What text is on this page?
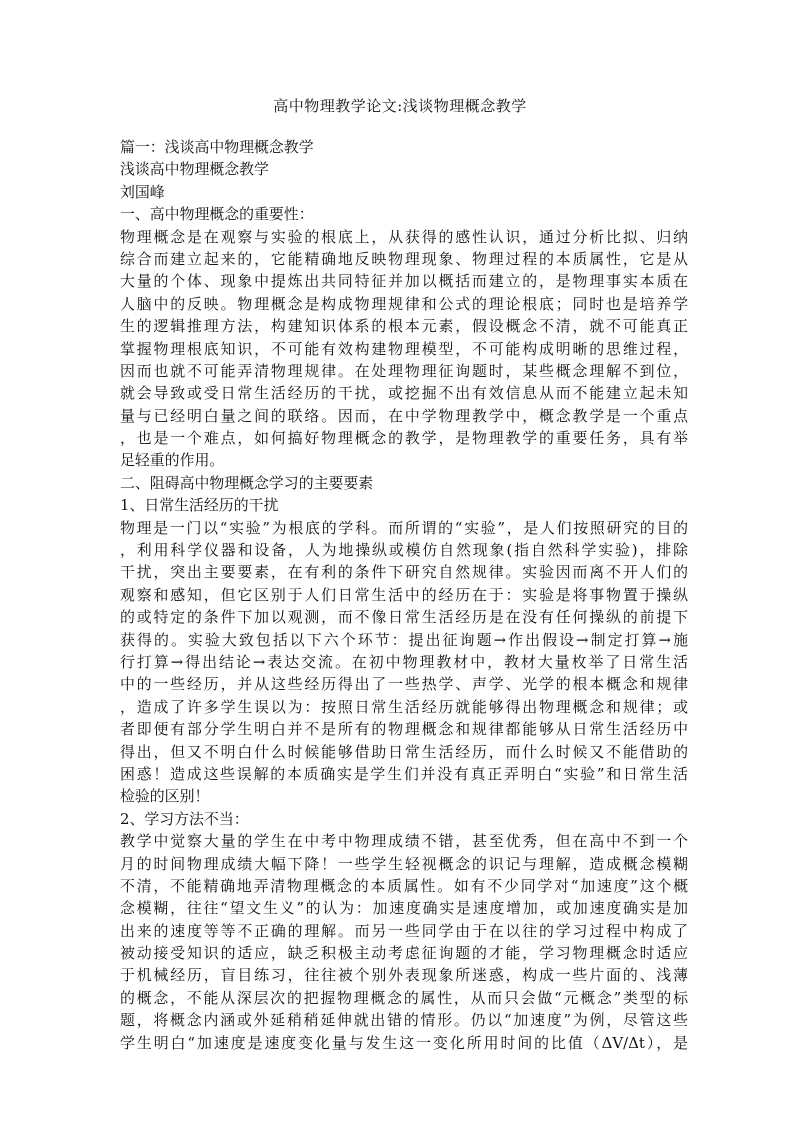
高中物理教学论文:浅谈物理概念教学
篇一：浅谈高中物理概念教学
浅谈高中物理概念教学
刘国峰
一、高中物理概念的重要性：
物理概念是在观察与实验的根底上，从获得的感性认识，通过分析比拟、归纳
综合而建立起来的，它能精确地反映物理现象、物理过程的本质属性，它是从
大量的个体、现象中提炼出共同特征并加以概括而建立的，是物理事实本质在
人脑中的反映。物理概念是构成物理规律和公式的理论根底；同时也是培养学
生的逻辑推理方法，构建知识体系的根本元素，假设概念不清，就不可能真正
掌握物理根底知识，不可能有效构建物理模型，不可能构成明晰的思维过程，
因而也就不可能弄清物理规律。在处理物理征询题时，某些概念理解不到位，
就会导致或受日常生活经历的干扰，或挖掘不出有效信息从而不能建立起未知
量与已经明白量之间的联络。因而，在中学物理教学中，概念教学是一个重点
，也是一个难点，如何搞好物理概念的教学，是物理教学的重要任务，具有举
足轻重的作用。
二、阻碍高中物理概念学习的主要要素
1、日常生活经历的干扰
物理是一门以“实验”为根底的学科。而所谓的“实验”，是人们按照研究的目的
，利用科学仪器和设备，人为地操纵或模仿自然现象(指自然科学实验)，排除
干扰，突出主要要素，在有利的条件下研究自然规律。实验因而离不开人们的
观察和感知，但它区别于人们日常生活中的经历在于：实验是将事物置于操纵
的或特定的条件下加以观测，而不像日常生活经历是在没有任何操纵的前提下
获得的。实验大致包括以下六个环节：提出征询题→作出假设→制定打算→施
行打算→得出结论→表达交流。在初中物理教材中，教材大量枚举了日常生活
中的一些经历，并从这些经历得出了一些热学、声学、光学的根本概念和规律
，造成了许多学生误以为：按照日常生活经历就能够得出物理概念和规律；或
者即便有部分学生明白并不是所有的物理概念和规律都能够从日常生活经历中
得出，但又不明白什么时候能够借助日常生活经历，而什么时候又不能借助的
困惑！造成这些误解的本质确实是学生们并没有真正弄明白“实验”和日常生活
检验的区别！
2、学习方法不当：
教学中觉察大量的学生在中考中物理成绩不错，甚至优秀，但在高中不到一个
月的时间物理成绩大幅下降！一些学生轻视概念的识记与理解，造成概念模糊
不清，不能精确地弄清物理概念的本质属性。如有不少同学对“加速度”这个概
念模糊，往往“望文生义”的认为：加速度确实是速度增加，或加速度确实是加
出来的速度等等不正确的理解。而另一些同学由于在以往的学习过程中构成了
被动接受知识的适应，缺乏积极主动考虑征询题的才能，学习物理概念时适应
于机械经历，盲目练习，往往被个别外表现象所迷惑，构成一些片面的、浅薄
的概念，不能从深层次的把握物理概念的属性，从而只会做“元概念”类型的标
题，将概念内涵或外延稍稍延伸就出错的情形。仍以“加速度”为例，尽管这些
学生明白“加速度是速度变化量与发生这一变化所用时间的比值（ΔV/Δt），是
